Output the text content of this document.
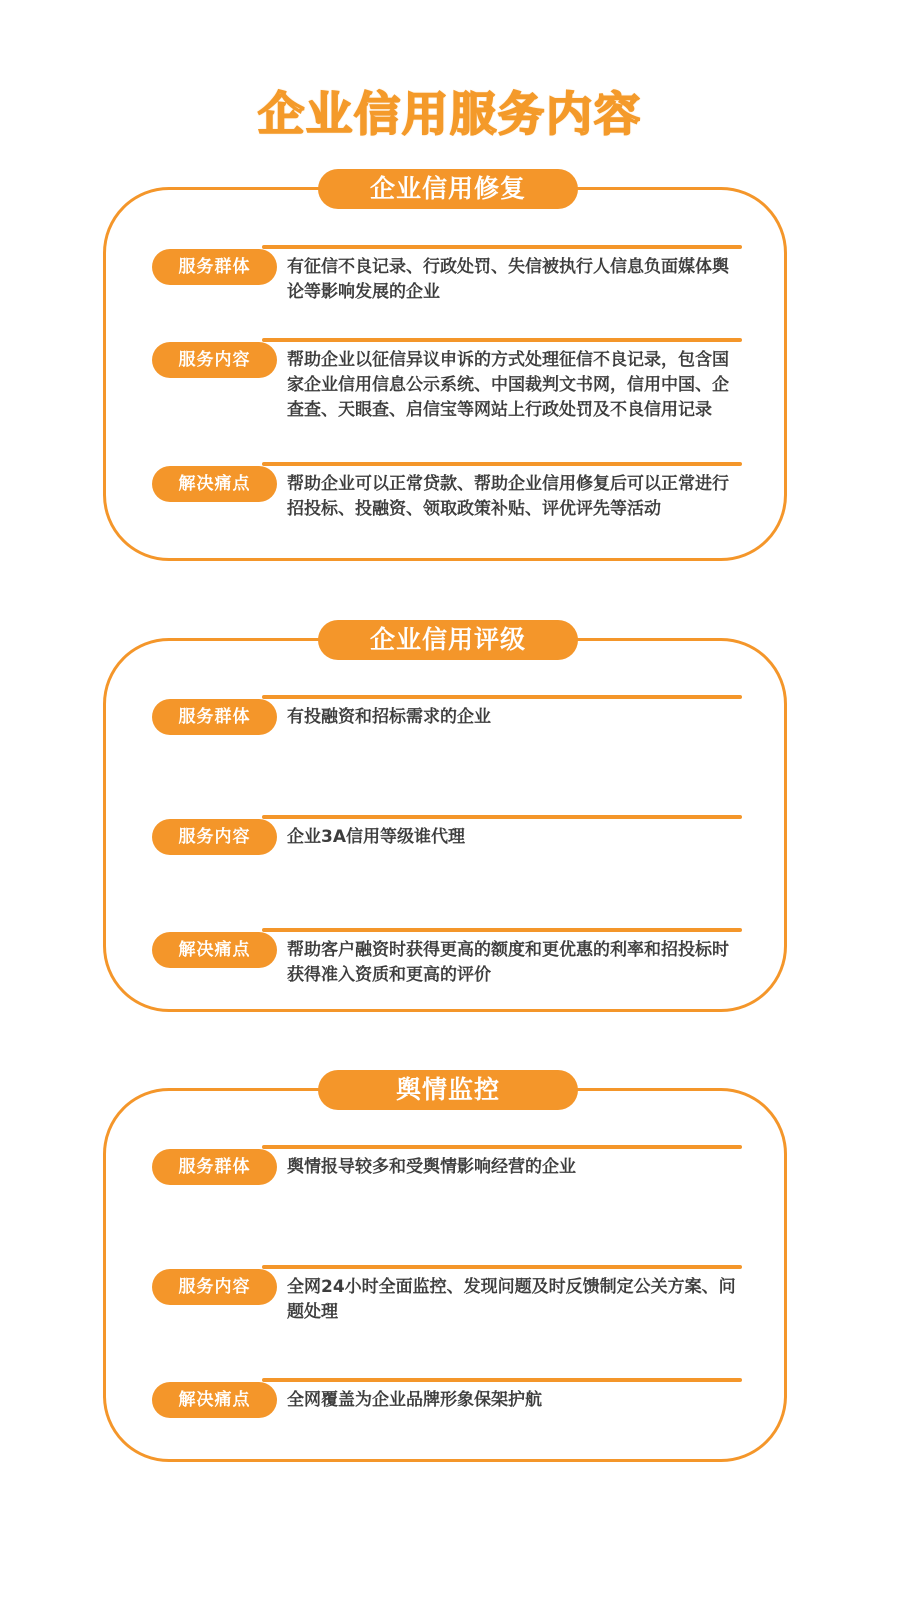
企业信用服务内容
企业信用修复
服务群体	有征信不良记录、行政处罚、失信被执行人信息负面媒体舆论等影响发展的企业
服务内容	帮助企业以征信异议申诉的方式处理征信不良记录，包含国家企业信用信息公示系统、中国裁判文书网，信用中国、企查查、天眼查、启信宝等网站上行政处罚及不良信用记录
解决痛点	帮助企业可以正常贷款、帮助企业信用修复后可以正常进行招投标、投融资、领取政策补贴、评优评先等活动
企业信用评级
服务群体	有投融资和招标需求的企业
服务内容	企业3A信用等级谁代理
解决痛点	帮助客户融资时获得更高的额度和更优惠的利率和招投标时获得准入资质和更高的评价
舆情监控
服务群体	舆情报导较多和受舆情影响经营的企业
服务内容	全网24小时全面监控、发现问题及时反馈制定公关方案、问题处理
解决痛点	全网覆盖为企业品牌形象保架护航
